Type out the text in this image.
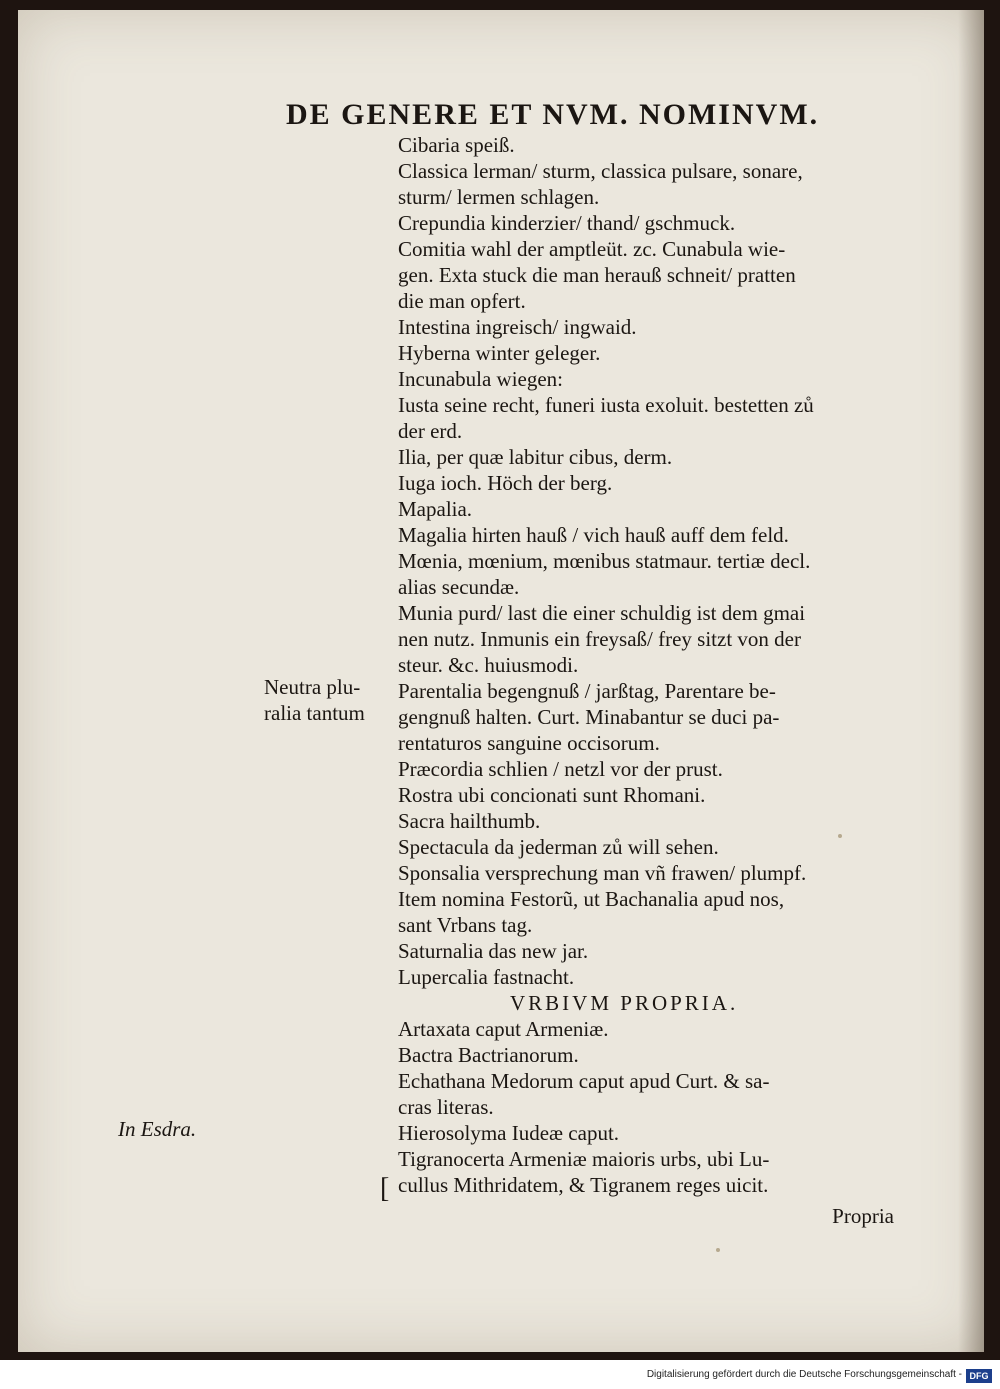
DE GENERE ET NVM. NOMINVM.
Cibaria speiß.
Classica lerman/ sturm, classica pulsare, sonare,
sturm/ lermen schlagen.
Crepundia kinderzier/ thand/ gschmuck.
Comitia wahl der amptleüt. zc. Cunabula wie-
gen. Exta stuck die man herauß schneit/ pratten
die man opfert.
Intestina ingreisch/ ingwaid.
Hyberna winter geleger.
Incunabula wiegen:
Iusta seine recht, funeri iusta exoluit. bestetten zů
der erd.
Ilia, per quæ labitur cibus, derm.
Iuga ioch. Höch der berg.
Mapalia.
Magalia hirten hauß / vich hauß auff dem feld.
Mœnia, mœnium, mœnibus statmaur. tertiæ decl.
alias secundæ.
Munia purd/ last die einer schuldig ist dem gmai
nen nutz. Inmunis ein freysaß/ frey sitzt von der
steur. &c. huiusmodi.
Parentalia begengnuß / jarßtag, Parentare be-
gengnuß halten. Curt. Minabantur se duci pa-
rentaturos sanguine occisorum.
Præcordia schlien / netzl vor der prust.
Rostra ubi concionati sunt Rhomani.
Sacra hailthumb.
Spectacula da jederman zů will sehen.
Sponsalia versprechung man vñ frawen/ plumpf.
Item nomina Festorũ, ut Bachanalia apud nos,
sant Vrbans tag.
Saturnalia das new jar.
Lupercalia fastnacht.
VRBIVM PROPRIA.
Artaxata caput Armeniæ.
Bactra Bactrianorum.
Echathana Medorum caput apud Curt. & sa-
cras literas.
Hierosolyma Iudeæ caput.
Tigranocerta Armeniæ maioris urbs, ubi Lu-
cullus Mithridatem, & Tigranem reges uicit.
Neutra plu-
ralia tantum
In Esdra.
[
Propria
Digitalisierung gefördert durch die Deutsche Forschungsgemeinschaft - DFG
